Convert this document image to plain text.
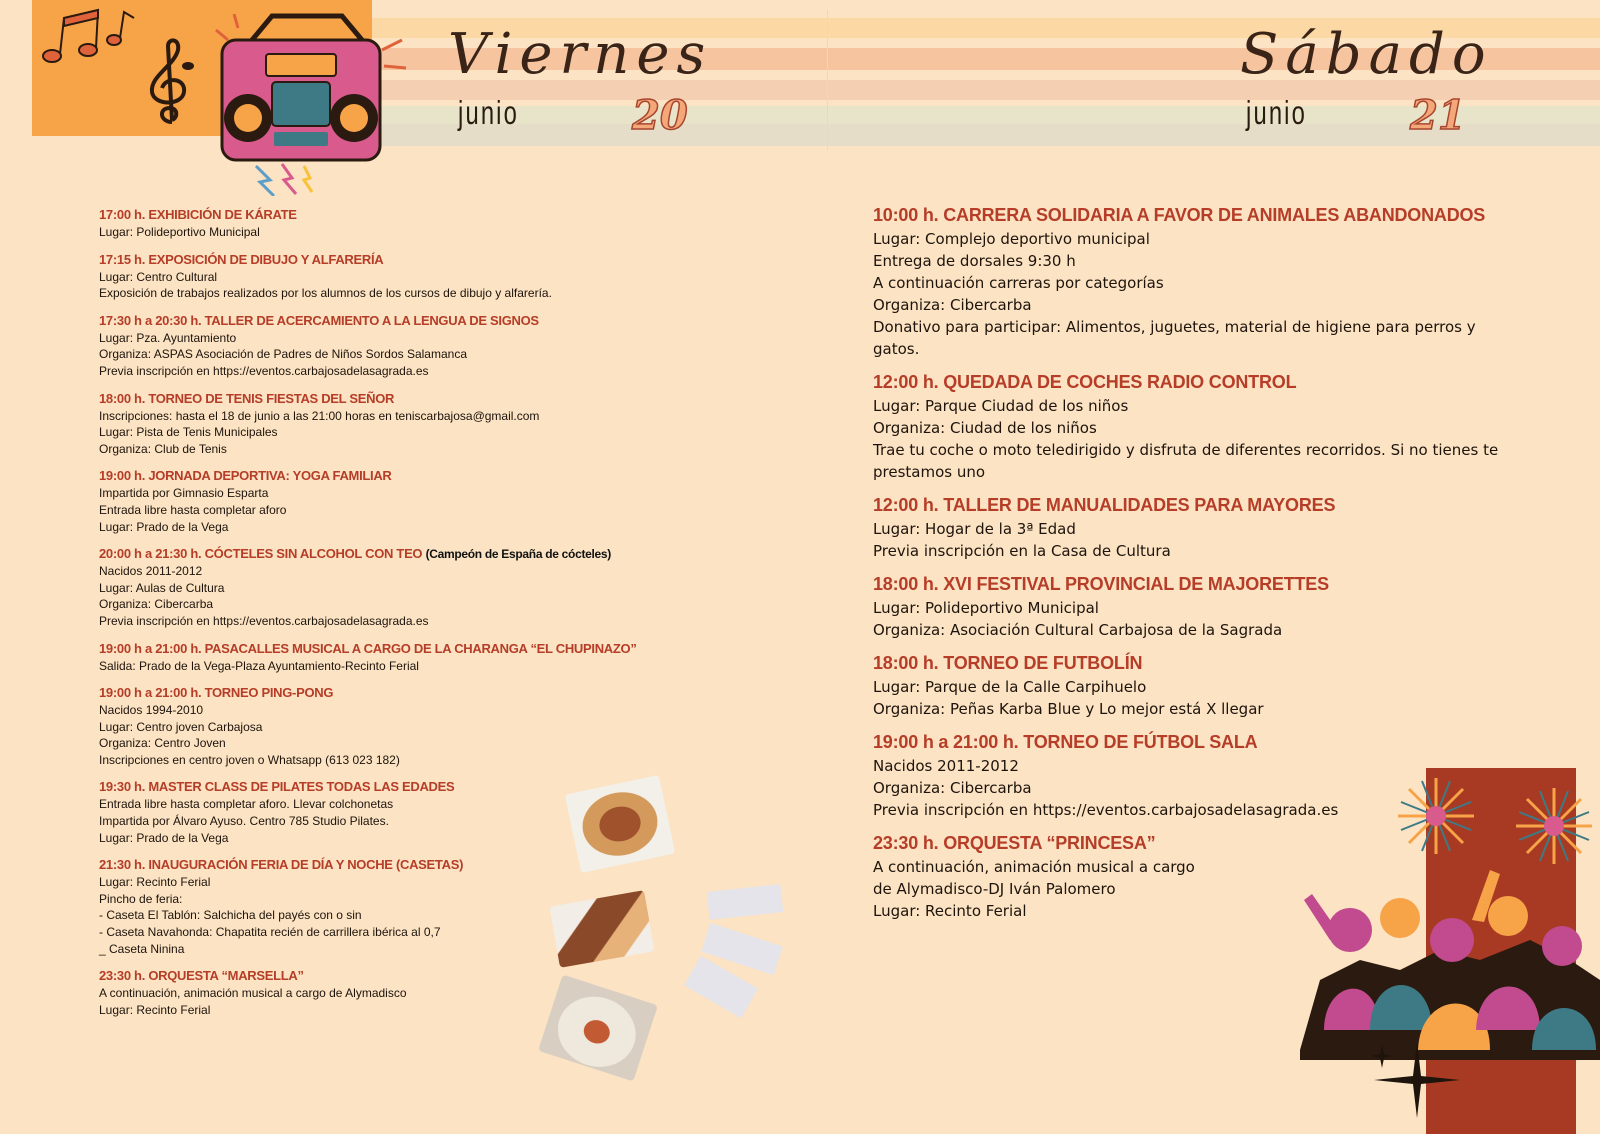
Viernes
junio	20
Sábado
junio	21
17:00 h. EXHIBICIÓN DE KÁRATE
Lugar: Polideportivo Municipal
17:15 h. EXPOSICIÓN DE DIBUJO Y ALFARERÍA
Lugar: Centro Cultural
Exposición de trabajos realizados por los alumnos de los cursos de dibujo y alfarería.
17:30 h a 20:30 h. TALLER DE ACERCAMIENTO A LA LENGUA DE SIGNOS
Lugar: Pza. Ayuntamiento
Organiza: ASPAS Asociación de Padres de Niños Sordos Salamanca
Previa inscripción en https://eventos.carbajosadelasagrada.es
18:00 h. TORNEO DE TENIS FIESTAS DEL SEÑOR
Inscripciones: hasta el 18 de junio a las 21:00 horas en teniscarbajosa@gmail.com
Lugar: Pista de Tenis Municipales
Organiza: Club de Tenis
19:00 h. JORNADA DEPORTIVA: YOGA FAMILIAR
Impartida por Gimnasio Esparta
Entrada libre hasta completar aforo
Lugar: Prado de la Vega
20:00 h a 21:30 h. CÓCTELES SIN ALCOHOL CON TEO (Campeón de España de cócteles)
Nacidos 2011-2012
Lugar: Aulas de Cultura
Organiza: Cibercarba
Previa inscripción en https://eventos.carbajosadelasagrada.es
19:00 h a 21:00 h. PASACALLES MUSICAL A CARGO DE LA CHARANGA “EL CHUPINAZO”
Salida: Prado de la Vega-Plaza Ayuntamiento-Recinto Ferial
19:00 h a 21:00 h. TORNEO PING-PONG
Nacidos 1994-2010
Lugar: Centro joven Carbajosa
Organiza: Centro Joven
Inscripciones en centro joven o Whatsapp (613 023 182)
19:30 h. MASTER CLASS DE PILATES TODAS LAS EDADES
Entrada libre hasta completar aforo. Llevar colchonetas
Impartida por Álvaro Ayuso. Centro 785 Studio Pilates.
Lugar: Prado de la Vega
21:30 h. INAUGURACIÓN FERIA DE DÍA Y NOCHE (CASETAS)
Lugar: Recinto Ferial
Pincho de feria:
- Caseta El Tablón: Salchicha del payés con o sin
- Caseta Navahonda: Chapatita recién de carrillera ibérica al 0,7
_ Caseta Ninina
23:30 h. ORQUESTA “MARSELLA”
A continuación, animación musical a cargo de Alymadisco
Lugar: Recinto Ferial
10:00 h. CARRERA SOLIDARIA A FAVOR DE ANIMALES ABANDONADOS
Lugar: Complejo deportivo municipal
Entrega de dorsales 9:30 h
A continuación carreras por categorías
Organiza: Cibercarba
Donativo para participar: Alimentos, juguetes, material de higiene para perros y gatos.
12:00 h. QUEDADA DE COCHES RADIO CONTROL
Lugar: Parque Ciudad de los niños
Organiza: Ciudad de los niños
Trae tu coche o moto teledirigido y disfruta de diferentes recorridos. Si no tienes te prestamos uno
12:00 h. TALLER DE MANUALIDADES PARA MAYORES
Lugar: Hogar de la 3ª Edad
Previa inscripción en la Casa de Cultura
18:00 h. XVI FESTIVAL PROVINCIAL DE MAJORETTES
Lugar: Polideportivo Municipal
Organiza: Asociación Cultural Carbajosa de la Sagrada
18:00 h. TORNEO DE FUTBOLÍN
Lugar: Parque de la Calle Carpihuelo
Organiza: Peñas Karba Blue y Lo mejor está X llegar
19:00 h a 21:00 h. TORNEO DE FÚTBOL SALA
Nacidos 2011-2012
Organiza: Cibercarba
Previa inscripción en https://eventos.carbajosadelasagrada.es
23:30 h. ORQUESTA “PRINCESA”
A continuación, animación musical a cargo
de Alymadisco-DJ Iván Palomero
Lugar: Recinto Ferial
